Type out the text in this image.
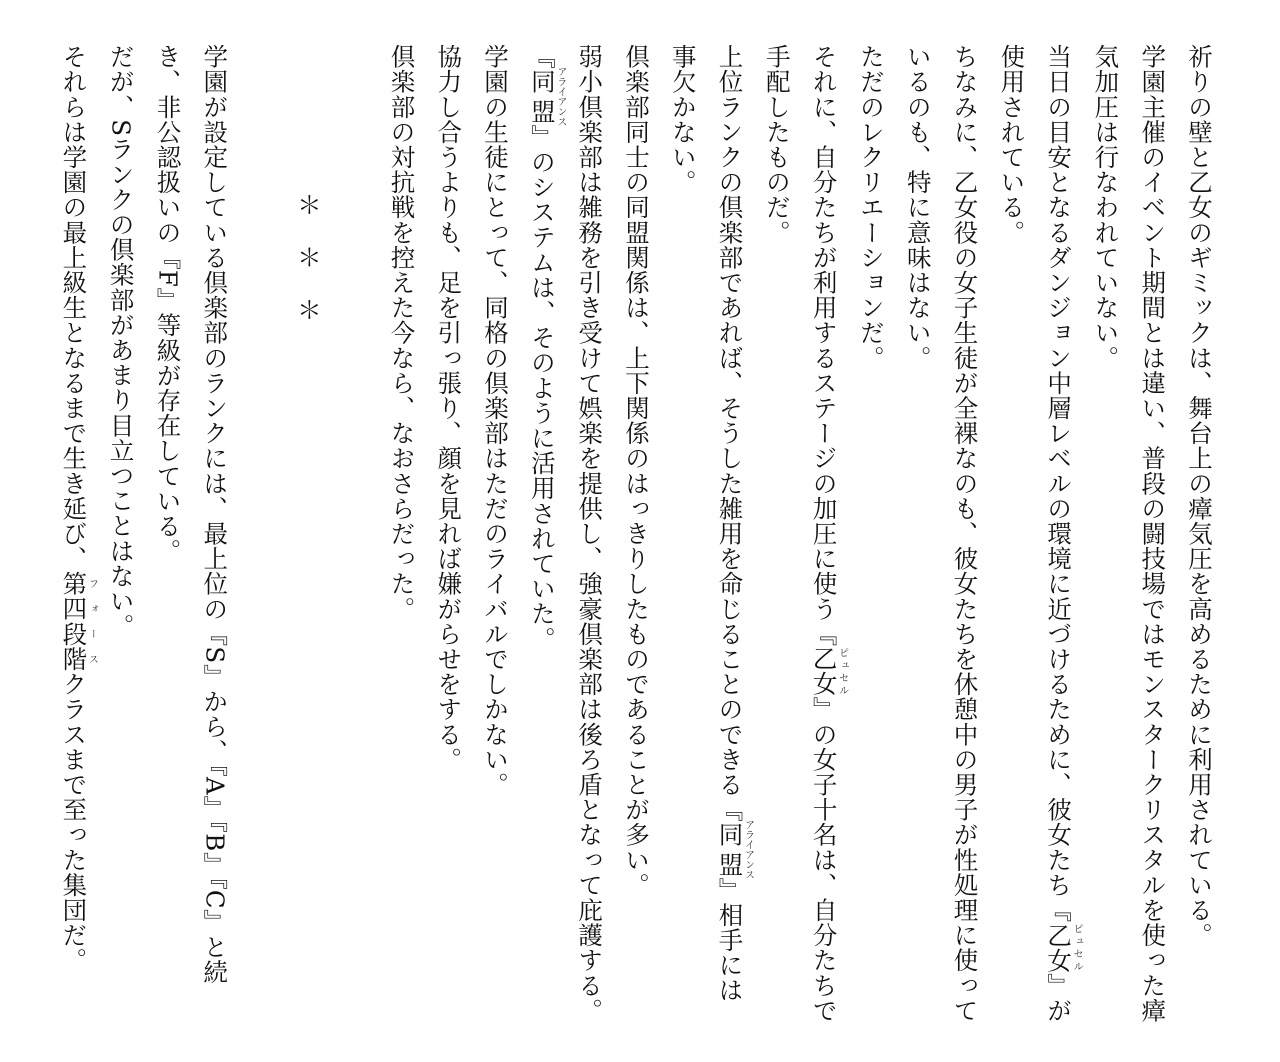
祈りの壁と乙女のギミックは、舞台上の瘴気圧を高めるために利用されている。

学園主催のイベント期間とは違い、普段の闘技場ではモンスタークリスタルを使った瘴気加圧は行なわれていない。

当日の目安となるダンジョン中層レベルの環境に近づけるために、彼女たち『乙女ピュセル』が使用されている。

ちなみに、乙女役の女子生徒が全裸なのも、彼女たちを休憩中の男子が性処理に使っているのも、特に意味はない。

ただのレクリエーションだ。

それに、自分たちが利用するステージの加圧に使う『乙女ピュセル』の女子十名は、自分たちで手配したものだ。

上位ランクの倶楽部であれば、そうした雑用を命じることのできる『同盟アライアンス』相手には事欠かない。

倶楽部同士の同盟関係は、上下関係のはっきりしたものであることが多い。

弱小倶楽部は雑務を引き受けて娯楽を提供し、強豪倶楽部は後ろ盾となって庇護する。

『同盟アライアンス』のシステムは、そのように活用されていた。

学園の生徒にとって、同格の倶楽部はただのライバルでしかない。

協力し合うよりも、足を引っ張り、顔を見れば嫌がらせをする。

倶楽部の対抗戦を控えた今なら、なおさらだった。

＊＊＊

学園が設定している倶楽部のランクには、最上位の『S』から、『A』『B』『C』と続き、非公認扱いの『F』等級が存在している。

だが、Sランクの倶楽部があまり目立つことはない。

それらは学園の最上級生となるまで生き延び、第四段階フォースクラスまで至った集団だ。
